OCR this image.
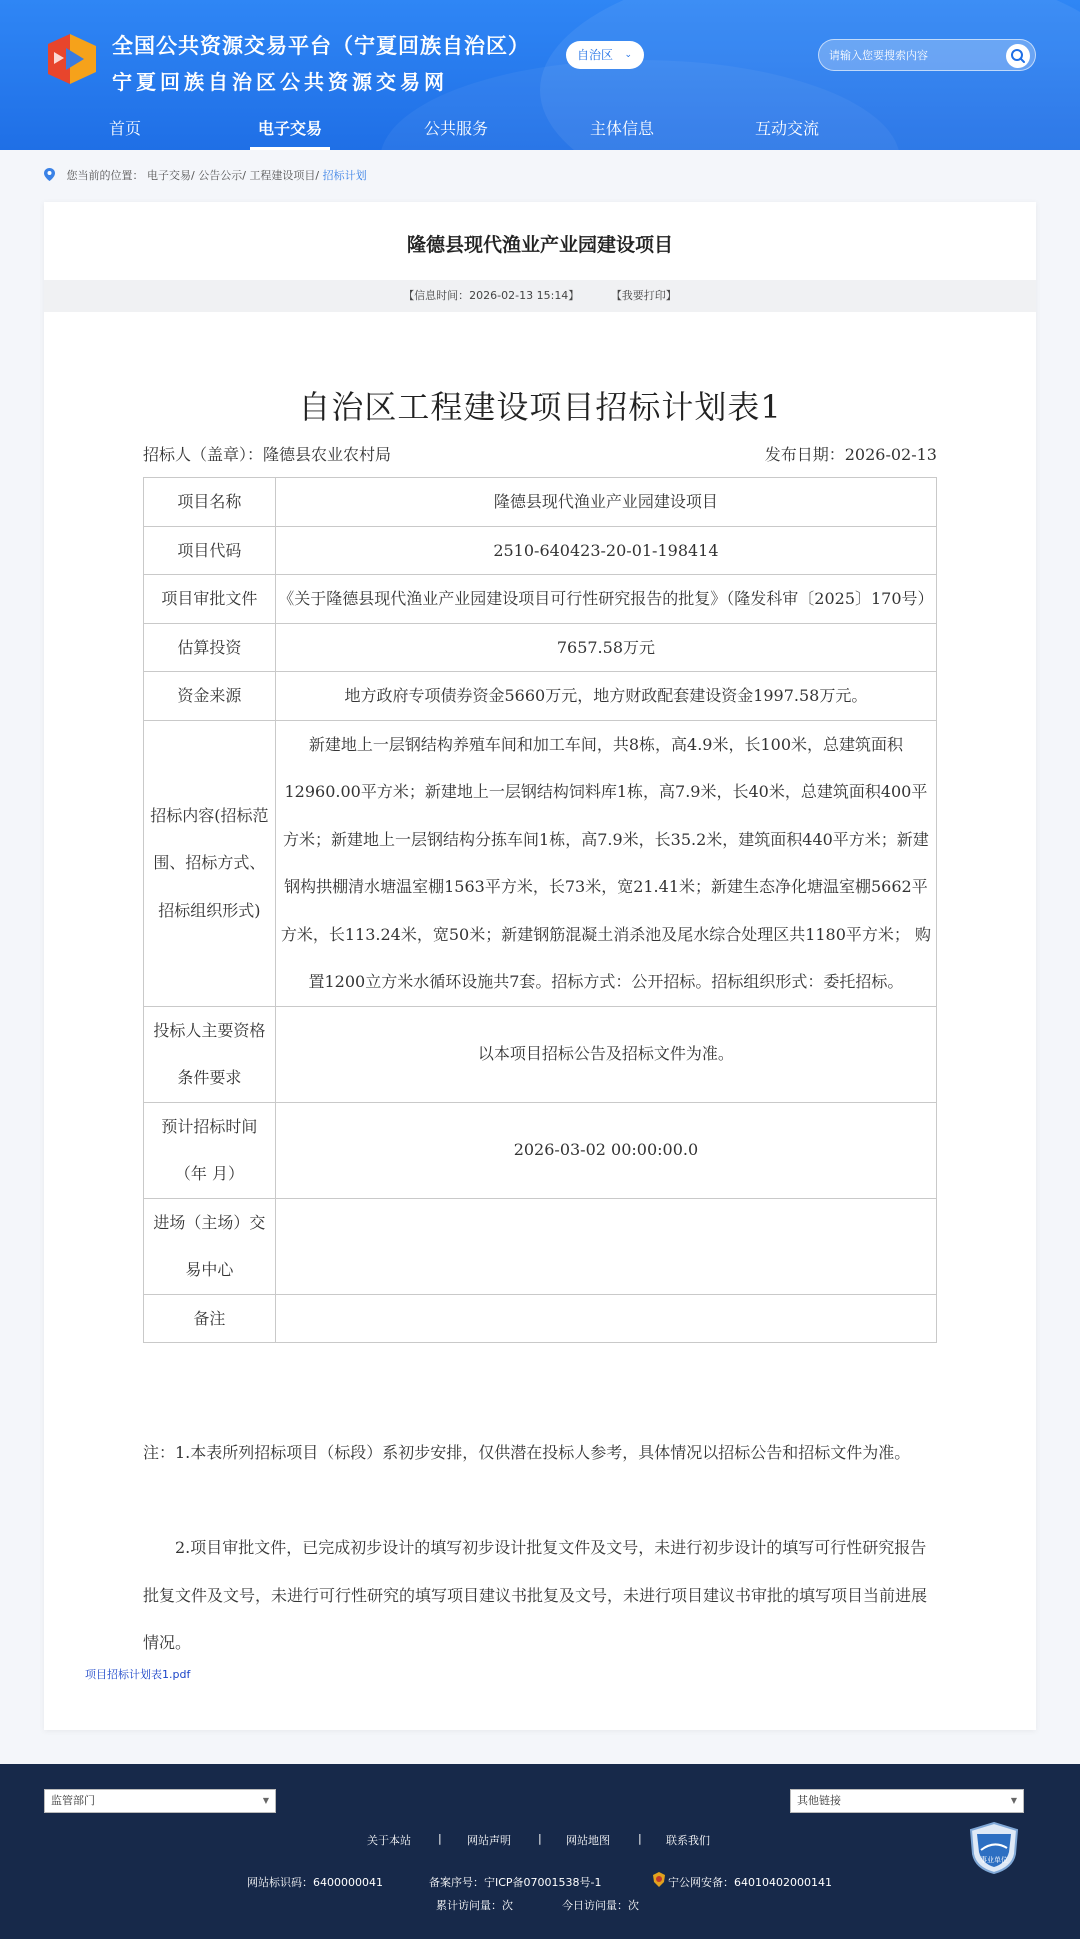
全国公共资源交易平台（宁夏回族自治区）
宁夏回族自治区公共资源交易网
自治区 ⌄
请输入您要搜索内容
首页	电子交易	公共服务	主体信息	互动交流
您当前的位置： 电子交易/ 公告公示/ 工程建设项目/ 招标计划
隆德县现代渔业产业园建设项目
【信息时间：2026-02-13 15:14】	【我要打印】
自治区工程建设项目招标计划表1
招标人（盖章）：隆德县农业农村局	发布日期：2026-02-13
项目名称	隆德县现代渔业产业园建设项目
项目代码	2510-640423-20-01-198414
项目审批文件	《关于隆德县现代渔业产业园建设项目可行性研究报告的批复》（隆发科审〔2025〕170号）
估算投资	7657.58万元
资金来源	地方政府专项债券资金5660万元，地方财政配套建设资金1997.58万元。
招标内容(招标范围、招标方式、招标组织形式)	新建地上一层钢结构养殖车间和加工车间，共8栋，高4.9米，长100米，总建筑面积12960.00平方米；新建地上一层钢结构饲料库1栋，高7.9米，长40米，总建筑面积400平方米；新建地上一层钢结构分拣车间1栋，高7.9米，长35.2米，建筑面积440平方米；新建钢构拱棚清水塘温室棚1563平方米，长73米，宽21.41米；新建生态净化塘温室棚5662平方米，长113.24米，宽50米；新建钢筋混凝土消杀池及尾水综合处理区共1180平方米； 购置1200立方米水循环设施共7套。招标方式：公开招标。招标组织形式：委托招标。
投标人主要资格条件要求	以本项目招标公告及招标文件为准。
预计招标时间（年 月）	2026-03-02 00:00:00.0
进场（主场）交易中心	
备注	
注：1.本表所列招标项目（标段）系初步安排，仅供潜在投标人参考，具体情况以招标公告和招标文件为准。
2.项目审批文件，已完成初步设计的填写初步设计批复文件及文号，未进行初步设计的填写可行性研究报告批复文件及文号，未进行可行性研究的填写项目建议书批复及文号，未进行项目建议书审批的填写项目当前进展情况。
项目招标计划表1.pdf
监管部门	▼	其他链接	▼
关于本站 | 网站声明 | 网站地图	| 联系我们
网站标识码：6400000041	备案序号：宁ICP备07001538号-1	宁公网安备：64010402000141
累计访问量：次	今日访问量：次
事业单位
